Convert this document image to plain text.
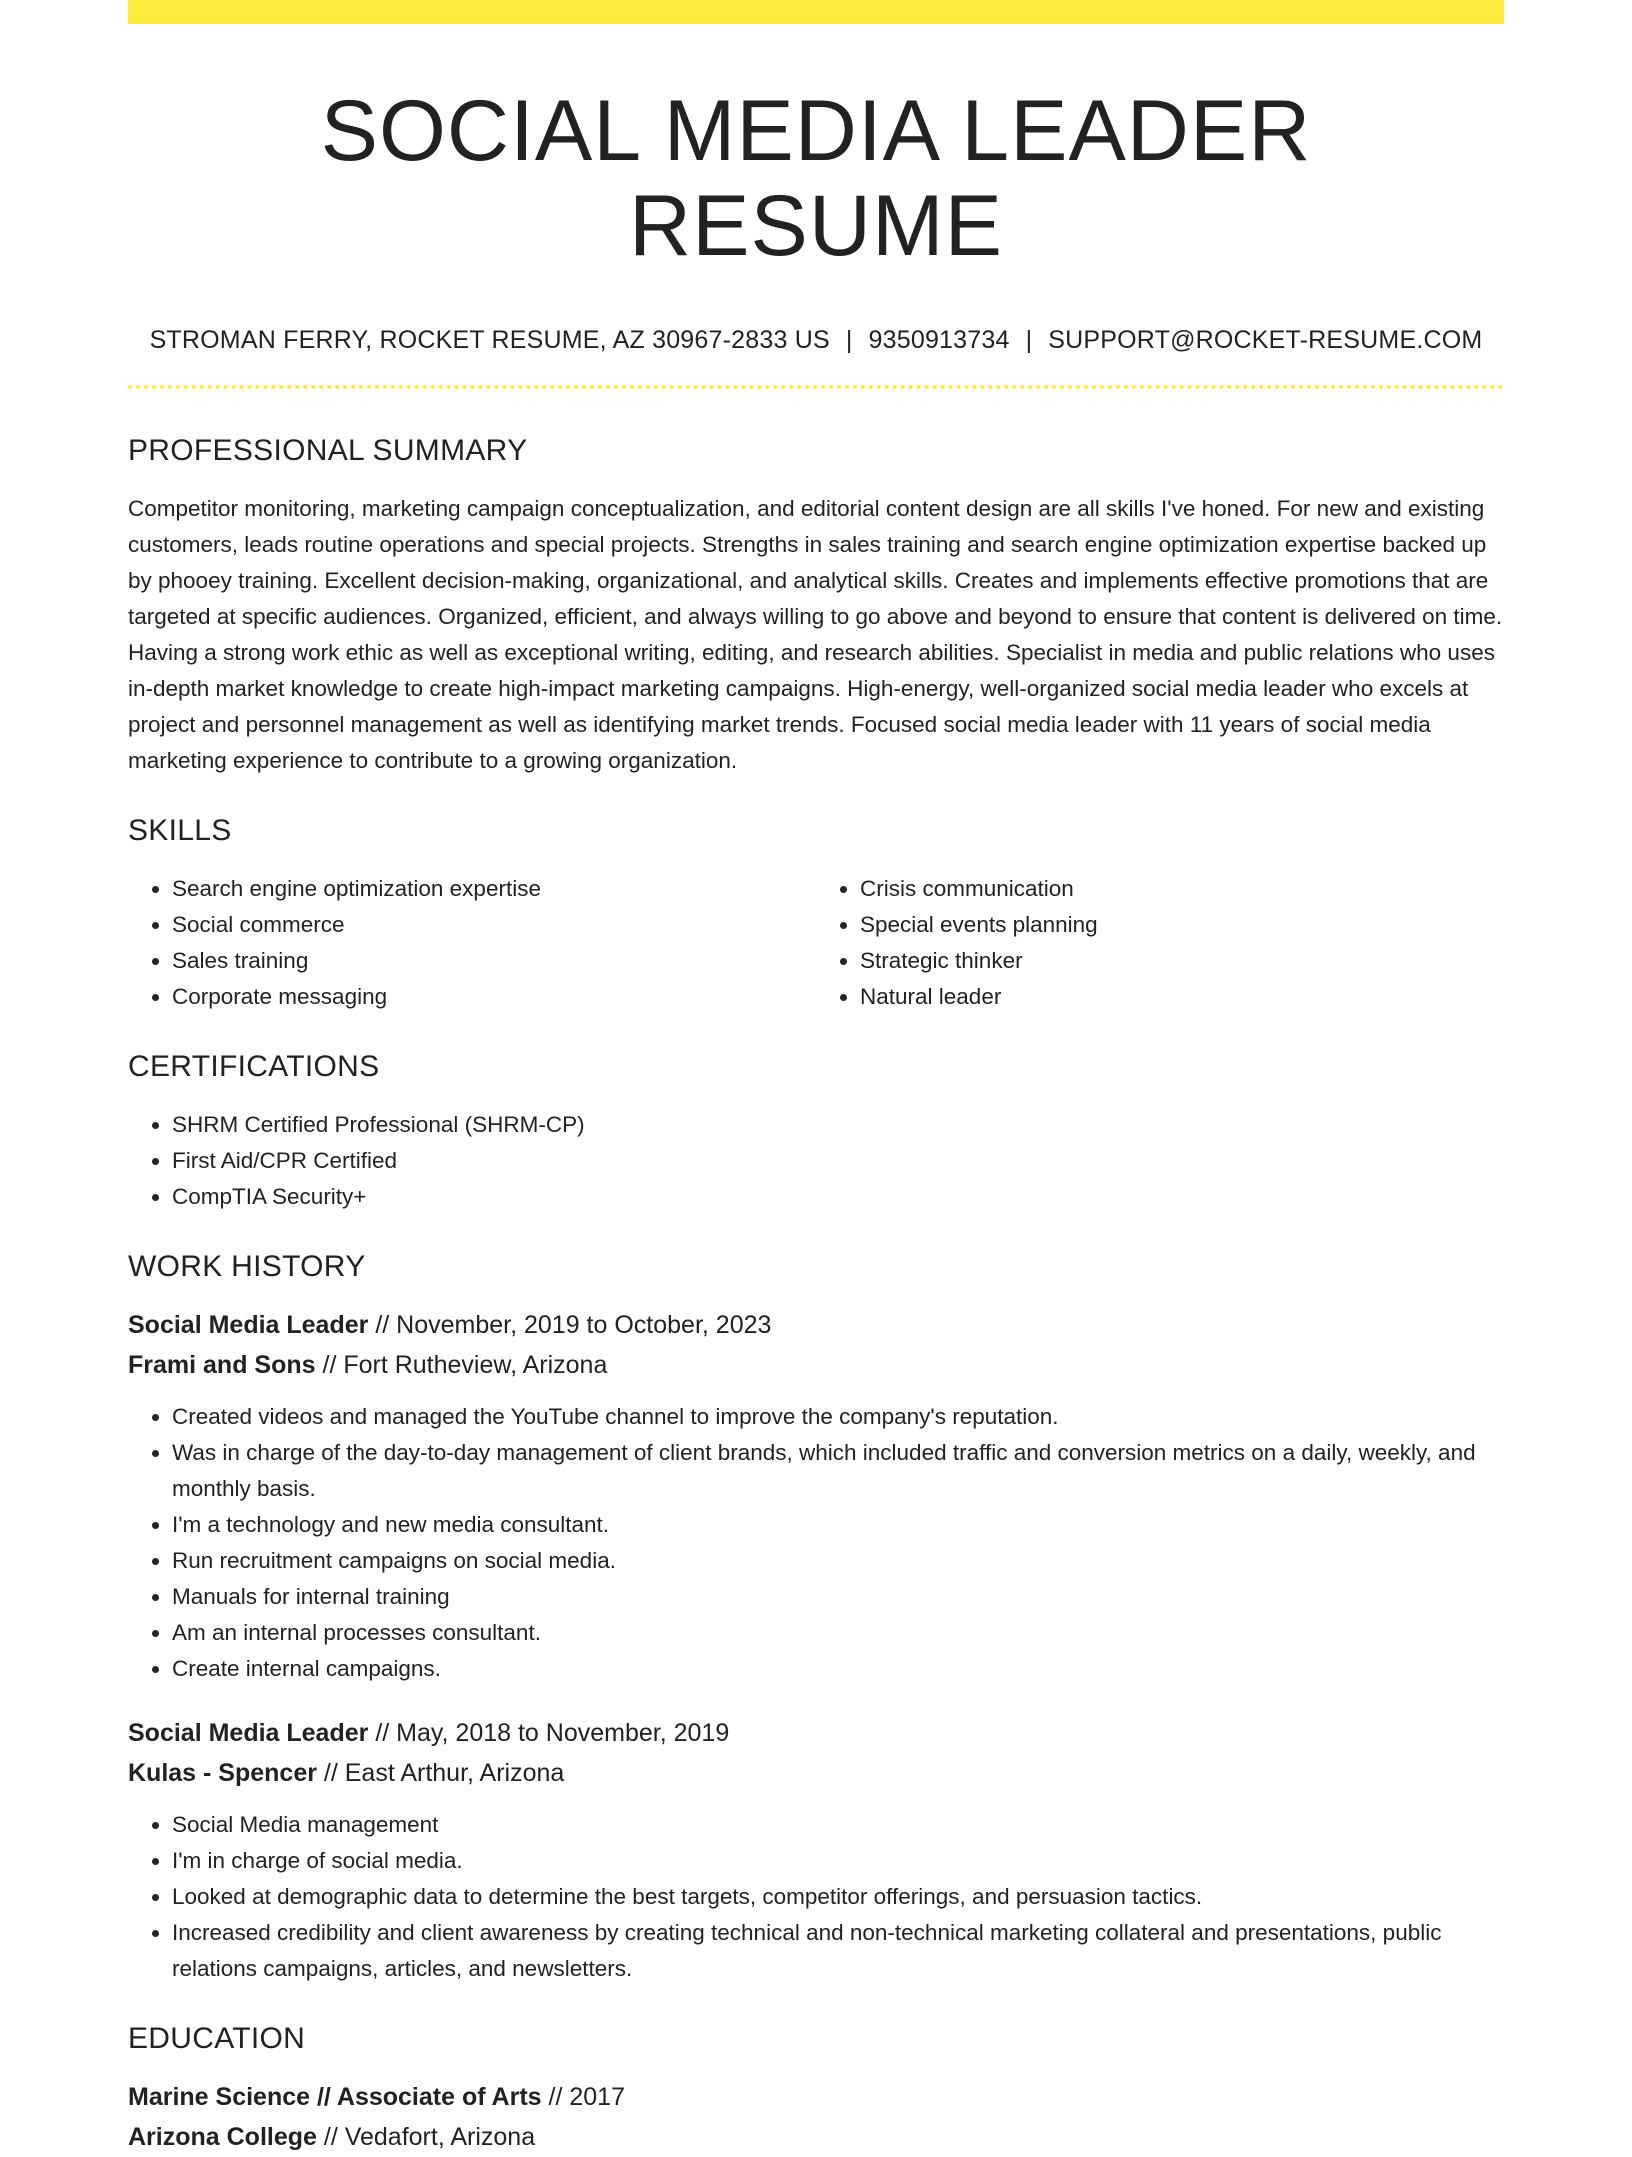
SOCIAL MEDIA LEADER RESUME
STROMAN FERRY, ROCKET RESUME, AZ 30967-2833 US | 9350913734 | SUPPORT@ROCKET-RESUME.COM
PROFESSIONAL SUMMARY
Competitor monitoring, marketing campaign conceptualization, and editorial content design are all skills I've honed. For new and existing customers, leads routine operations and special projects. Strengths in sales training and search engine optimization expertise backed up by phooey training. Excellent decision-making, organizational, and analytical skills. Creates and implements effective promotions that are targeted at specific audiences. Organized, efficient, and always willing to go above and beyond to ensure that content is delivered on time. Having a strong work ethic as well as exceptional writing, editing, and research abilities. Specialist in media and public relations who uses in-depth market knowledge to create high-impact marketing campaigns. High-energy, well-organized social media leader who excels at project and personnel management as well as identifying market trends. Focused social media leader with 11 years of social media marketing experience to contribute to a growing organization.
SKILLS
• Search engine optimization expertise
• Social commerce
• Sales training
• Corporate messaging
• Crisis communication
• Special events planning
• Strategic thinker
• Natural leader
CERTIFICATIONS
• SHRM Certified Professional (SHRM-CP)
• First Aid/CPR Certified
• CompTIA Security+
WORK HISTORY
Social Media Leader // November, 2019 to October, 2023
Frami and Sons // Fort Rutheview, Arizona
• Created videos and managed the YouTube channel to improve the company's reputation.
• Was in charge of the day-to-day management of client brands, which included traffic and conversion metrics on a daily, weekly, and monthly basis.
• I'm a technology and new media consultant.
• Run recruitment campaigns on social media.
• Manuals for internal training
• Am an internal processes consultant.
• Create internal campaigns.
Social Media Leader // May, 2018 to November, 2019
Kulas - Spencer // East Arthur, Arizona
• Social Media management
• I'm in charge of social media.
• Looked at demographic data to determine the best targets, competitor offerings, and persuasion tactics.
• Increased credibility and client awareness by creating technical and non-technical marketing collateral and presentations, public relations campaigns, articles, and newsletters.
EDUCATION
Marine Science // Associate of Arts // 2017
Arizona College // Vedafort, Arizona
